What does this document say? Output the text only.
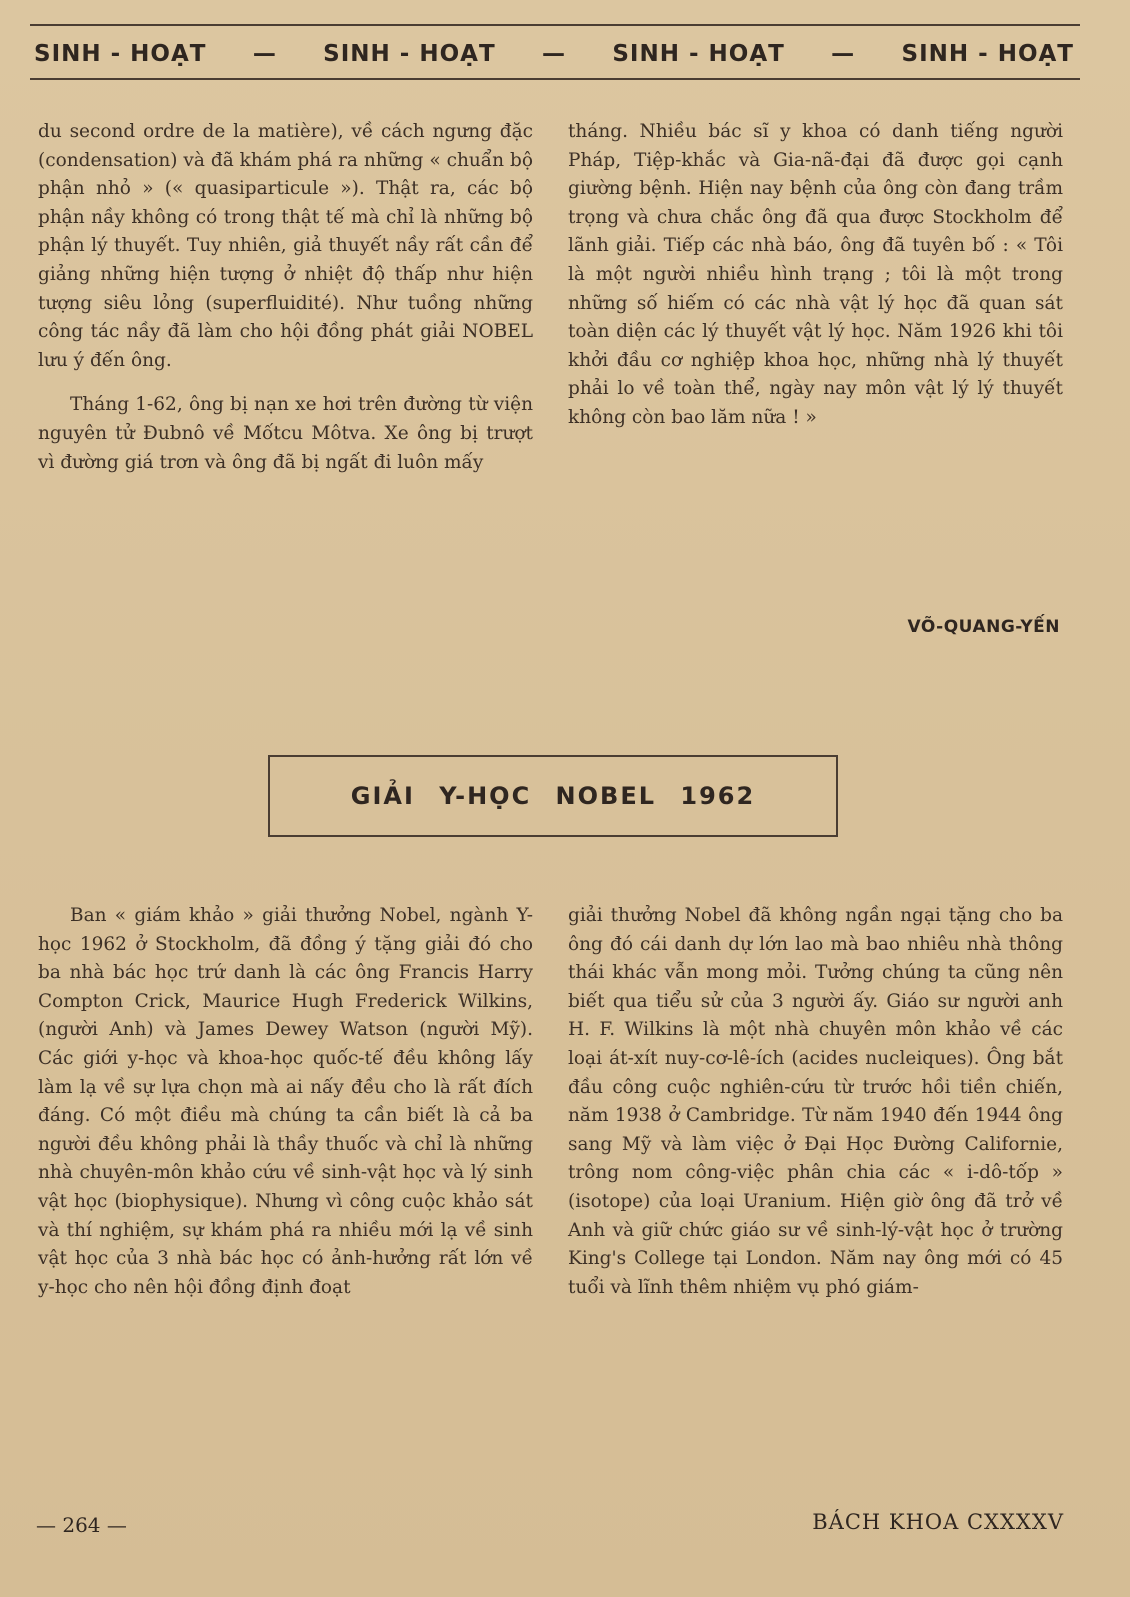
SINH - HOẠT — SINH - HOẠT — SINH - HOẠT — SINH - HOẠT

du second ordre de la matière), về cách ngưng đặc (condensation) và đã khám phá ra những « chuẩn bộ phận nhỏ » (« quasiparticule »). Thật ra, các bộ phận nầy không có trong thật tế mà chỉ là những bộ phận lý thuyết. Tuy nhiên, giả thuyết nầy rất cần để giảng những hiện tượng ở nhiệt độ thấp như hiện tượng siêu lỏng (superfluidité). Như tuồng những công tác nầy đã làm cho hội đồng phát giải NOBEL lưu ý đến ông.

Tháng 1-62, ông bị nạn xe hơi trên đường từ viện nguyên tử Đubnô về Mốtcu Môtva. Xe ông bị trượt vì đường giá trơn và ông đã bị ngất đi luôn mấy

tháng. Nhiều bác sĩ y khoa có danh tiếng người Pháp, Tiệp-khắc và Gia-nã-đại đã được gọi cạnh giường bệnh. Hiện nay bệnh của ông còn đang trầm trọng và chưa chắc ông đã qua được Stockholm để lãnh giải. Tiếp các nhà báo, ông đã tuyên bố : « Tôi là một người nhiều hình trạng ; tôi là một trong những số hiếm có các nhà vật lý học đã quan sát toàn diện các lý thuyết vật lý học. Năm 1926 khi tôi khởi đầu cơ nghiệp khoa học, những nhà lý thuyết phải lo về toàn thể, ngày nay môn vật lý lý thuyết không còn bao lăm nữa ! »

VÕ-QUANG-YẾN
GIẢI Y-HỌC NOBEL 1962

Ban « giám khảo » giải thưởng Nobel, ngành Y-học 1962 ở Stockholm, đã đồng ý tặng giải đó cho ba nhà bác học trứ danh là các ông Francis Harry Compton Crick, Maurice Hugh Frederick Wilkins, (người Anh) và James Dewey Watson (người Mỹ). Các giới y-học và khoa-học quốc-tế đều không lấy làm lạ về sự lựa chọn mà ai nấy đều cho là rất đích đáng. Có một điều mà chúng ta cần biết là cả ba người đều không phải là thầy thuốc và chỉ là những nhà chuyên-môn khảo cứu về sinh-vật học và lý sinh vật học (biophysique). Nhưng vì công cuộc khảo sát và thí nghiệm, sự khám phá ra nhiều mới lạ về sinh vật học của 3 nhà bác học có ảnh-hưởng rất lớn về y-học cho nên hội đồng định đoạt

giải thưởng Nobel đã không ngần ngại tặng cho ba ông đó cái danh dự lớn lao mà bao nhiêu nhà thông thái khác vẫn mong mỏi. Tưởng chúng ta cũng nên biết qua tiểu sử của 3 người ấy. Giáo sư người anh H. F. Wilkins là một nhà chuyên môn khảo về các loại át-xít nuy-cơ-lê-ích (acides nucleiques). Ông bắt đầu công cuộc nghiên-cứu từ trước hồi tiền chiến, năm 1938 ở Cambridge. Từ năm 1940 đến 1944 ông sang Mỹ và làm việc ở Đại Học Đường Californie, trông nom công-việc phân chia các « i-dô-tốp » (isotope) của loại Uranium. Hiện giờ ông đã trở về Anh và giữ chức giáo sư về sinh-lý-vật học ở trường King's College tại London. Năm nay ông mới có 45 tuổi và lĩnh thêm nhiệm vụ phó giám-

— 264 —	BÁCH KHOA CXXXXV
